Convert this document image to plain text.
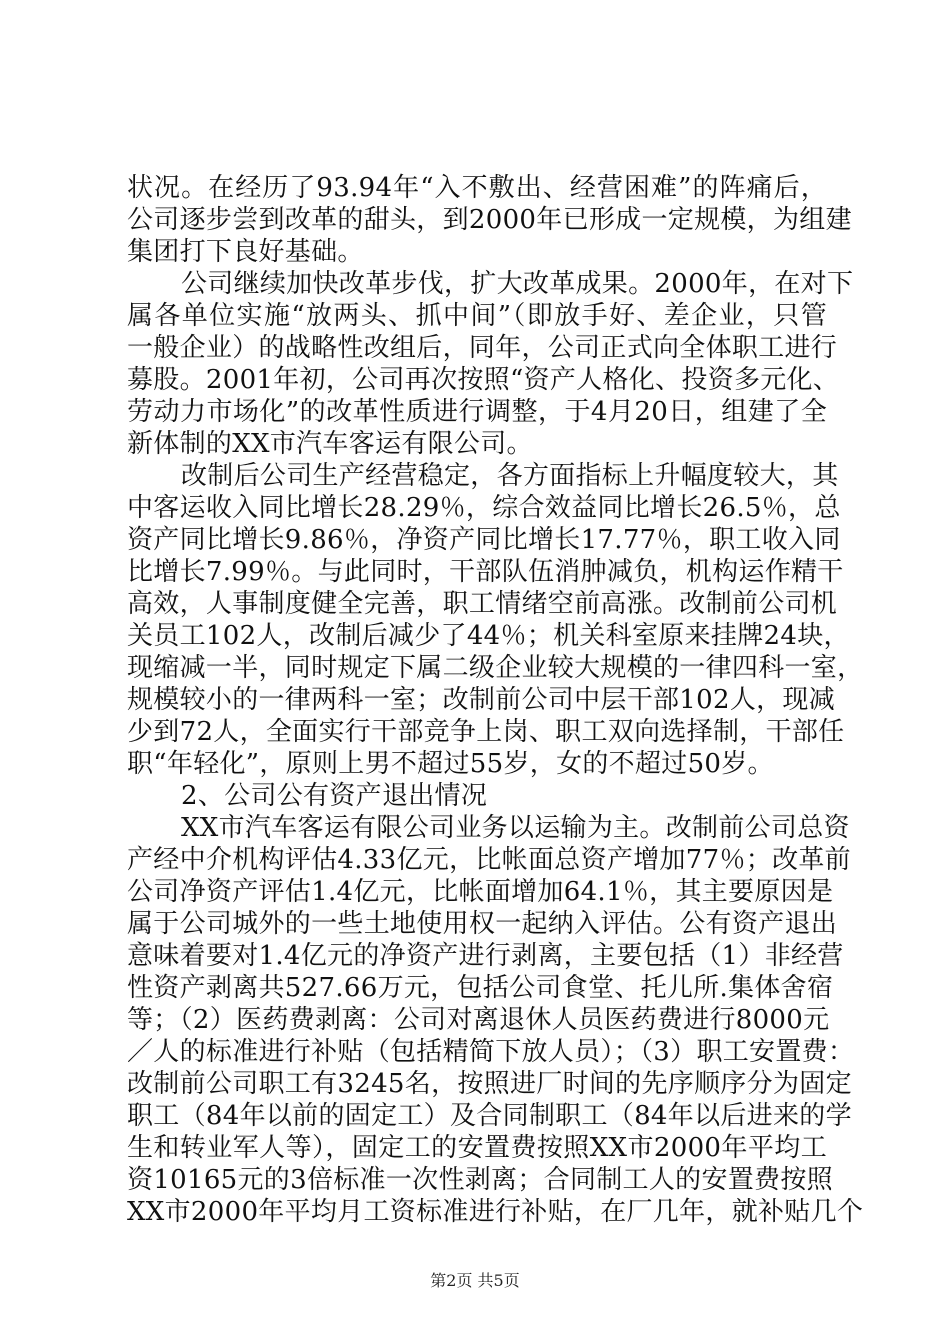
状况。在经历了93.94年“入不敷出、经营困难”的阵痛后，
公司逐步尝到改革的甜头，到2000年已形成一定规模，为组建
集团打下良好基础。
公司继续加快改革步伐，扩大改革成果。2000年，在对下
属各单位实施“放两头、抓中间”（即放手好、差企业，只管
一般企业）的战略性改组后，同年，公司正式向全体职工进行
募股。2001年初，公司再次按照“资产人格化、投资多元化、
劳动力市场化”的改革性质进行调整，于4月20日，组建了全
新体制的XX市汽车客运有限公司。
改制后公司生产经营稳定，各方面指标上升幅度较大，其
中客运收入同比增长28.29％，综合效益同比增长26.5％，总
资产同比增长9.86％，净资产同比增长17.77％，职工收入同
比增长7.99％。与此同时，干部队伍消肿减负，机构运作精干
高效，人事制度健全完善，职工情绪空前高涨。改制前公司机
关员工102人，改制后减少了44％；机关科室原来挂牌24块，
现缩减一半，同时规定下属二级企业较大规模的一律四科一室，
规模较小的一律两科一室；改制前公司中层干部102人，现减
少到72人，全面实行干部竞争上岗、职工双向选择制，干部任
职“年轻化”，原则上男不超过55岁，女的不超过50岁。
2、公司公有资产退出情况
XX市汽车客运有限公司业务以运输为主。改制前公司总资
产经中介机构评估4.33亿元，比帐面总资产增加77％；改革前
公司净资产评估1.4亿元，比帐面增加64.1％，其主要原因是
属于公司城外的一些土地使用权一起纳入评估。公有资产退出
意味着要对1.4亿元的净资产进行剥离，主要包括（1）非经营
性资产剥离共527.66万元，包括公司食堂、托儿所.集体舍宿
等；（2）医药费剥离：公司对离退休人员医药费进行8000元
／人的标准进行补贴（包括精简下放人员）；（3）职工安置费：
改制前公司职工有3245名，按照进厂时间的先序顺序分为固定
职工（84年以前的固定工）及合同制职工（84年以后进来的学
生和转业军人等），固定工的安置费按照XX市2000年平均工
资10165元的3倍标准一次性剥离；合同制工人的安置费按照
XX市2000年平均月工资标准进行补贴，在厂几年，就补贴几个
第2页 共5页
